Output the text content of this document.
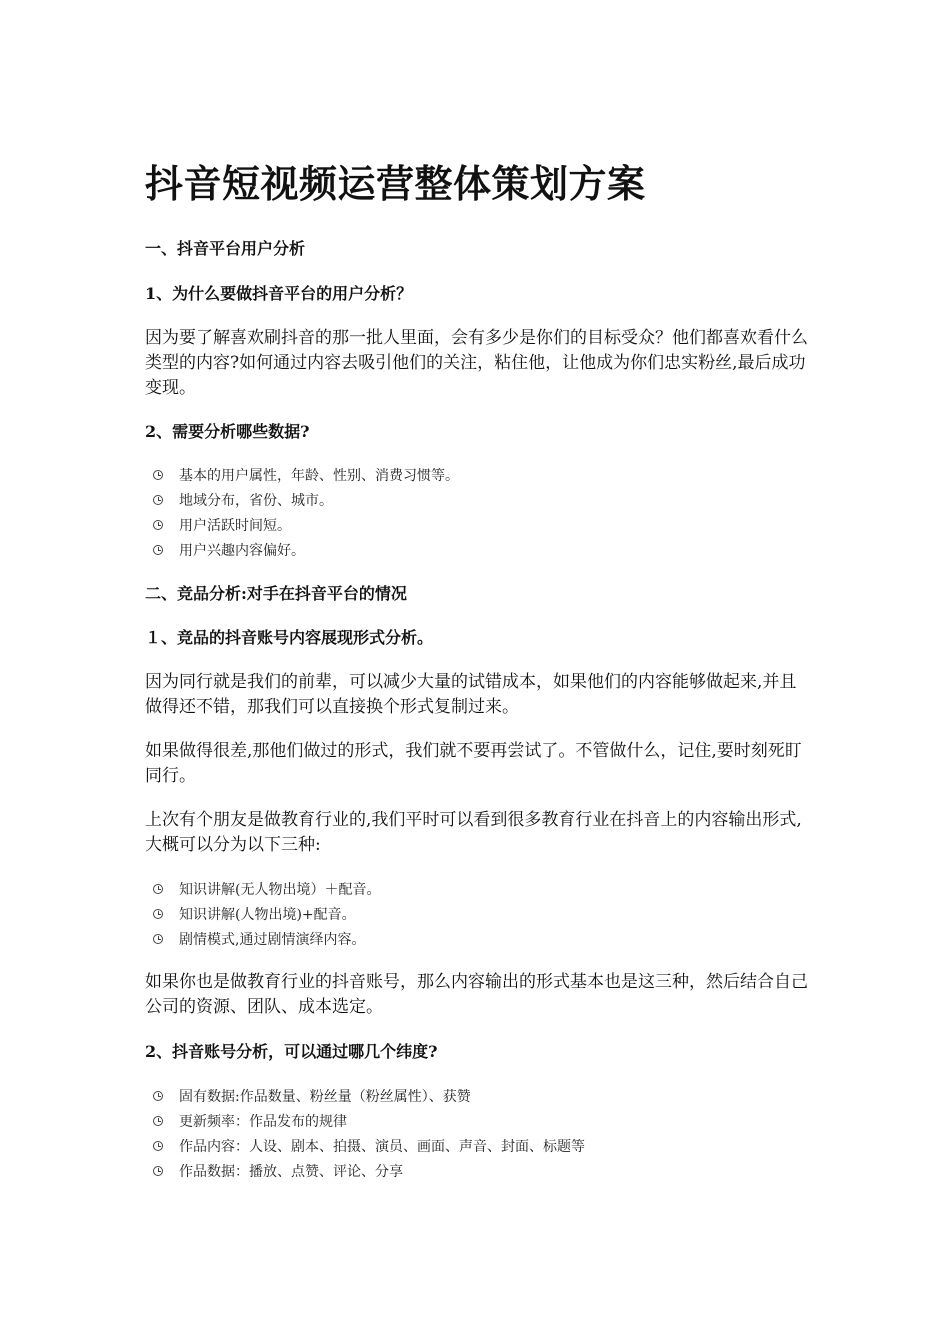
抖音短视频运营整体策划方案
一、抖音平台用户分析
1、为什么要做抖音平台的用户分析？

因为要了解喜欢刷抖音的那一批人里面，会有多少是你们的目标受众？他们都喜欢看什么类型的内容?如何通过内容去吸引他们的关注，粘住他，让他成为你们忠实粉丝,最后成功变现。

2、需要分析哪些数据?
基本的用户属性，年龄、性别、消费习惯等。
地域分布，省份、城市。
用户活跃时间短。
用户兴趣内容偏好。
二、竞品分析:对手在抖音平台的情况
１、竞品的抖音账号内容展现形式分析。

因为同行就是我们的前辈，可以减少大量的试错成本，如果他们的内容能够做起来,并且做得还不错，那我们可以直接换个形式复制过来。

如果做得很差,那他们做过的形式，我们就不要再尝试了。不管做什么，记住,要时刻死盯同行。

上次有个朋友是做教育行业的,我们平时可以看到很多教育行业在抖音上的内容输出形式,大概可以分为以下三种:

知识讲解(无人物出境）＋配音。
知识讲解(人物出境)+配音。
剧情模式,通过剧情演绎内容。

如果你也是做教育行业的抖音账号，那么内容输出的形式基本也是这三种，然后结合自己公司的资源、团队、成本选定。

2、抖音账号分析，可以通过哪几个纬度?
固有数据:作品数量、粉丝量（粉丝属性）、获赞
更新频率：作品发布的规律
作品内容：人设、剧本、拍摄、演员、画面、声音、封面、标题等
作品数据：播放、点赞、评论、分享
